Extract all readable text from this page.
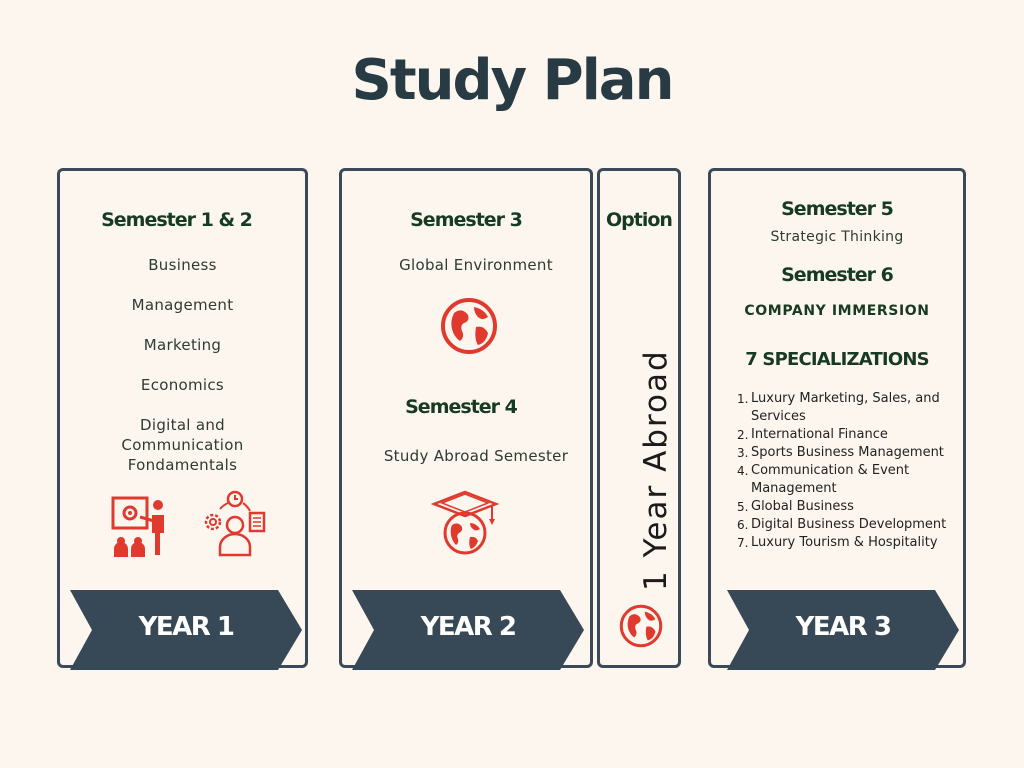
Study Plan
Semester 1 & 2
Business
Management
Marketing
Economics
Digital and Communication Fondamentals
YEAR 1
Semester 3
Global Environment
Semester 4
Study Abroad Semester
YEAR 2
Option
1 Year Abroad
Semester 5
Strategic Thinking
Semester 6
COMPANY IMMERSION
7 SPECIALIZATIONS
1. Luxury Marketing, Sales, and Services
2. International Finance
3. Sports Business Management
4. Communication & Event Management
5. Global Business
6. Digital Business Development
7. Luxury Tourism & Hospitality
YEAR 3
